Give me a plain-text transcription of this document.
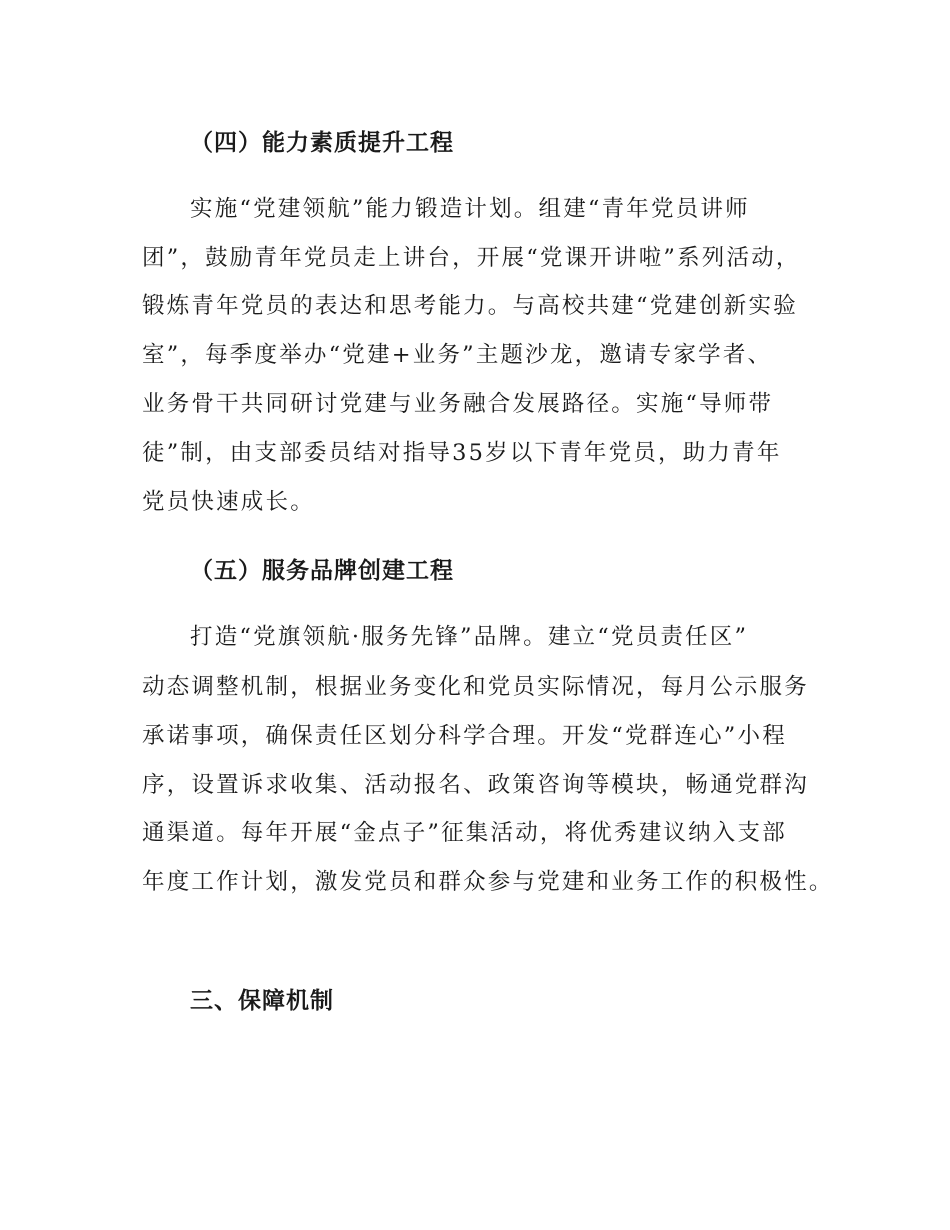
（四）能力素质提升工程
实施“党建领航”能力锻造计划。组建“青年党员讲师
团”，鼓励青年党员走上讲台，开展“党课开讲啦”系列活动，
锻炼青年党员的表达和思考能力。与高校共建“党建创新实验
室”，每季度举办“党建+业务”主题沙龙，邀请专家学者、
业务骨干共同研讨党建与业务融合发展路径。实施“导师带
徒”制，由支部委员结对指导35岁以下青年党员，助力青年
党员快速成长。
（五）服务品牌创建工程
打造“党旗领航·服务先锋”品牌。建立“党员责任区”
动态调整机制，根据业务变化和党员实际情况，每月公示服务
承诺事项，确保责任区划分科学合理。开发“党群连心”小程
序，设置诉求收集、活动报名、政策咨询等模块，畅通党群沟
通渠道。每年开展“金点子”征集活动，将优秀建议纳入支部
年度工作计划，激发党员和群众参与党建和业务工作的积极性。
三、保障机制
